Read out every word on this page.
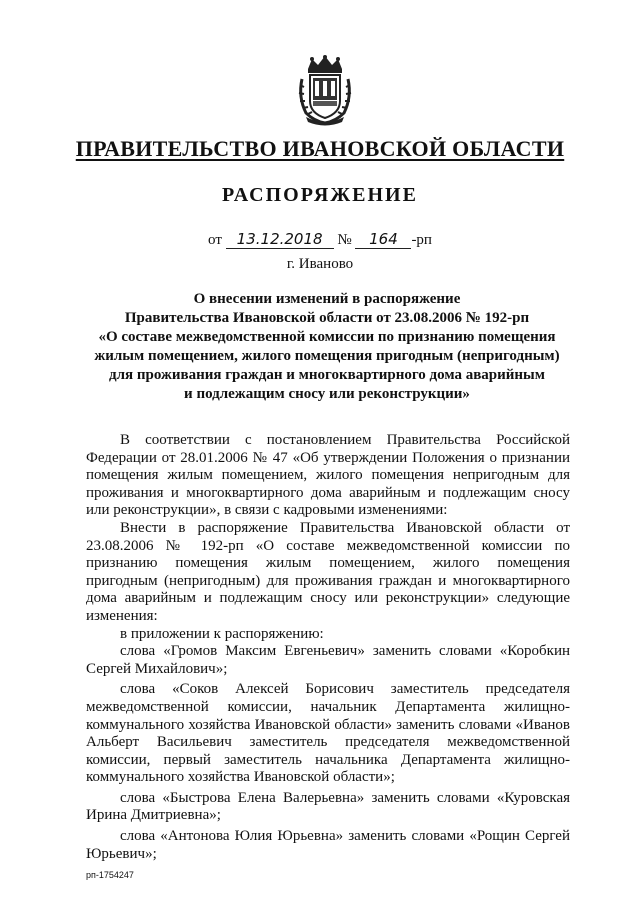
ПРАВИТЕЛЬСТВО ИВАНОВСКОЙ ОБЛАСТИ
РАСПОРЯЖЕНИЕ
от 13.12.2018 № 164 -рп
г. Иваново
О внесении изменений в распоряжение
Правительства Ивановской области от 23.08.2006 № 192-рп
«О составе межведомственной комиссии по признанию помещения
жилым помещением, жилого помещения пригодным (непригодным)
для проживания граждан и многоквартирного дома аварийным
и подлежащим сносу или реконструкции»

В соответствии с постановлением Правительства Российской Федерации от 28.01.2006 № 47 «Об утверждении Положения о признании помещения жилым помещением, жилого помещения непригодным для проживания и многоквартирного дома аварийным и подлежащим сносу или реконструкции», в связи с кадровыми изменениями:

Внести в распоряжение Правительства Ивановской области от 23.08.2006 № 192-рп «О составе межведомственной комиссии по признанию помещения жилым помещением, жилого помещения пригодным (непригодным) для проживания граждан и многоквартирного дома аварийным и подлежащим сносу или реконструкции» следующие изменения:

в приложении к распоряжению:

слова «Громов Максим Евгеньевич» заменить словами «Коробкин Сергей Михайлович»;

слова «Соков Алексей Борисович заместитель председателя межведомственной комиссии, начальник Департамента жилищно-коммунального хозяйства Ивановской области» заменить словами «Иванов Альберт Васильевич заместитель председателя межведомственной комиссии, первый заместитель начальника Департамента жилищно-коммунального хозяйства Ивановской области»;

слова «Быстрова Елена Валерьевна» заменить словами «Куровская Ирина Дмитриевна»;

слова «Антонова Юлия Юрьевна» заменить словами «Рощин Сергей Юрьевич»;

рп-1754247
